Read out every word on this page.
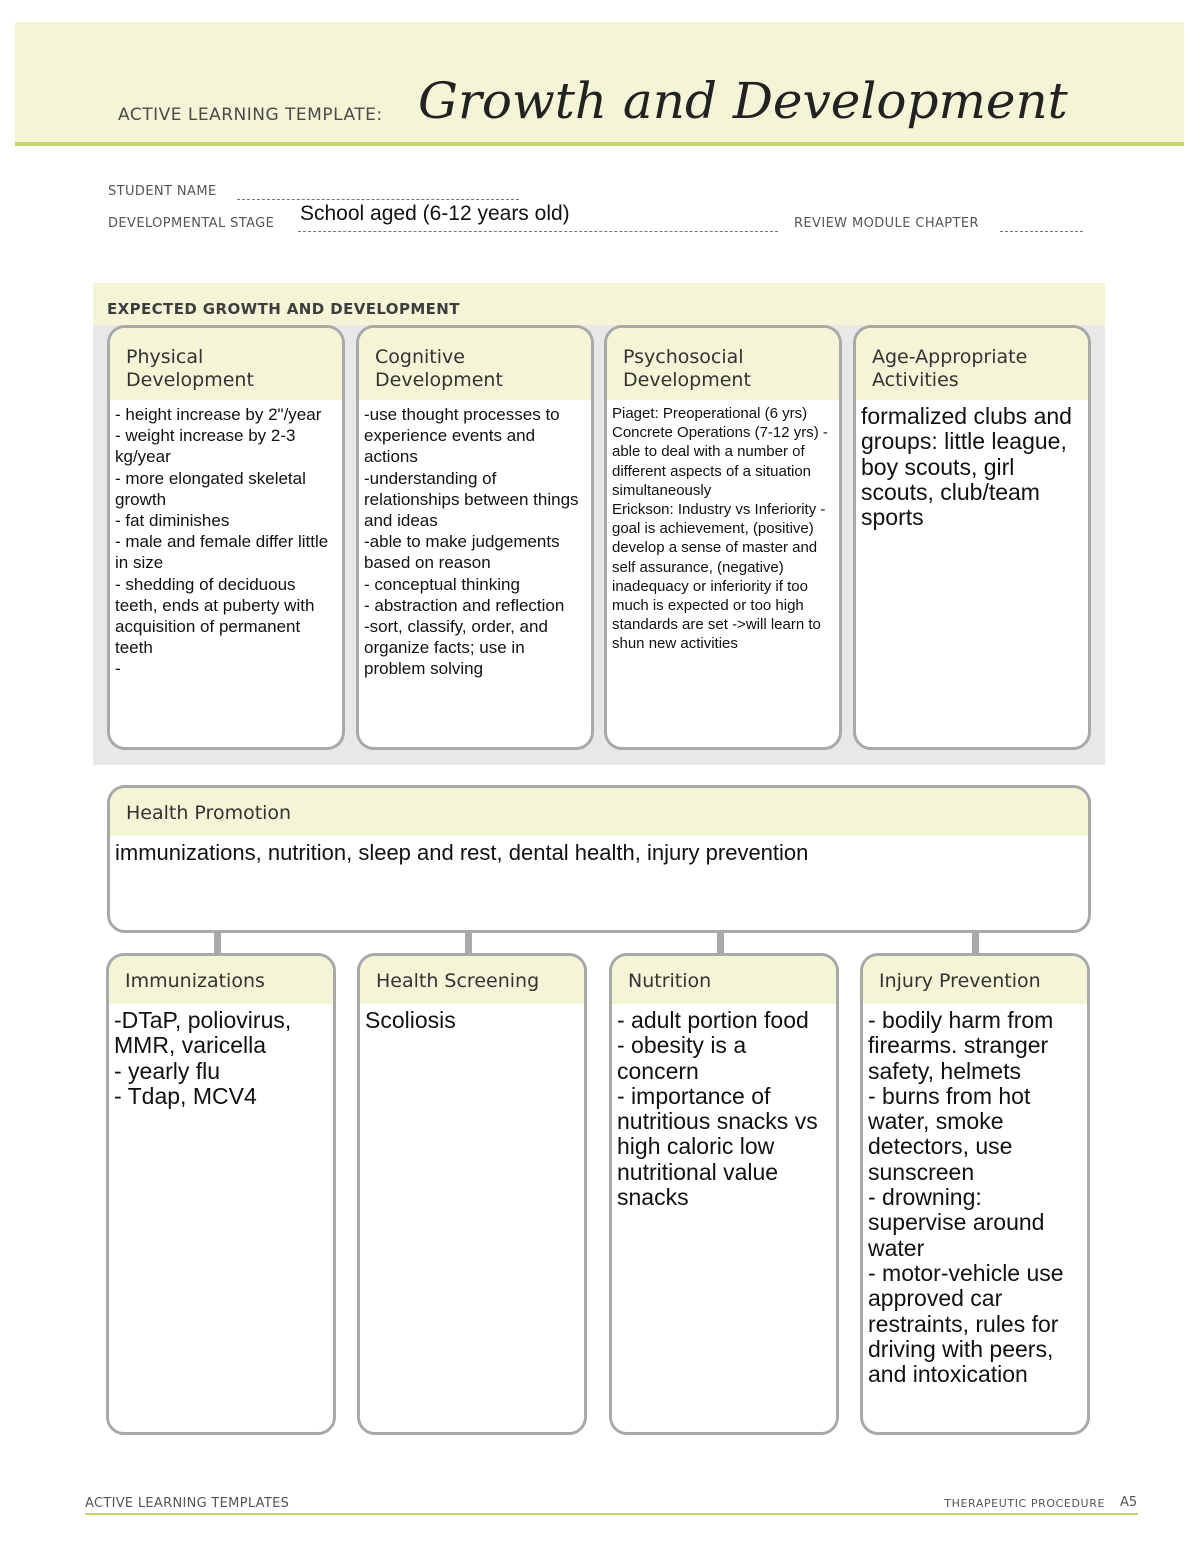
ACTIVE LEARNING TEMPLATE: Growth and Development
STUDENT NAME
DEVELOPMENTAL STAGE School aged (6-12 years old)	REVIEW MODULE CHAPTER
EXPECTED GROWTH AND DEVELOPMENT
Physical
Development
- height increase by 2"/year
- weight increase by 2-3 kg/year
- more elongated skeletal growth
- fat diminishes
- male and female differ little in size
- shedding of deciduous teeth, ends at puberty with acquisition of permanent teeth
-
Cognitive
Development
-use thought processes to experience events and actions
-understanding of relationships between things and ideas
-able to make judgements based on reason
- conceptual thinking
- abstraction and reflection
-sort, classify, order, and organize facts; use in problem solving
Psychosocial
Development
Piaget: Preoperational (6 yrs) Concrete Operations (7-12 yrs) - able to deal with a number of different aspects of a situation simultaneously
Erickson: Industry vs Inferiority - goal is achievement, (positive) develop a sense of master and self assurance, (negative) inadequacy or inferiority if too much is expected or too high standards are set ->will learn to shun new activities
Age-Appropriate
Activities
formalized clubs and groups: little league, boy scouts, girl scouts, club/team sports
Health Promotion
immunizations, nutrition, sleep and rest, dental health, injury prevention
Immunizations
-DTaP, poliovirus, MMR, varicella
- yearly flu
- Tdap, MCV4
Health Screening
Scoliosis
Nutrition
- adult portion food
- obesity is a concern
- importance of nutritious snacks vs high caloric low nutritional value snacks
Injury Prevention
- bodily harm from firearms. stranger safety, helmets
- burns from hot water, smoke detectors, use sunscreen
- drowning: supervise around water
- motor-vehicle use approved car restraints, rules for driving with peers, and intoxication
ACTIVE LEARNING TEMPLATES	THERAPEUTIC PROCEDURE A5
